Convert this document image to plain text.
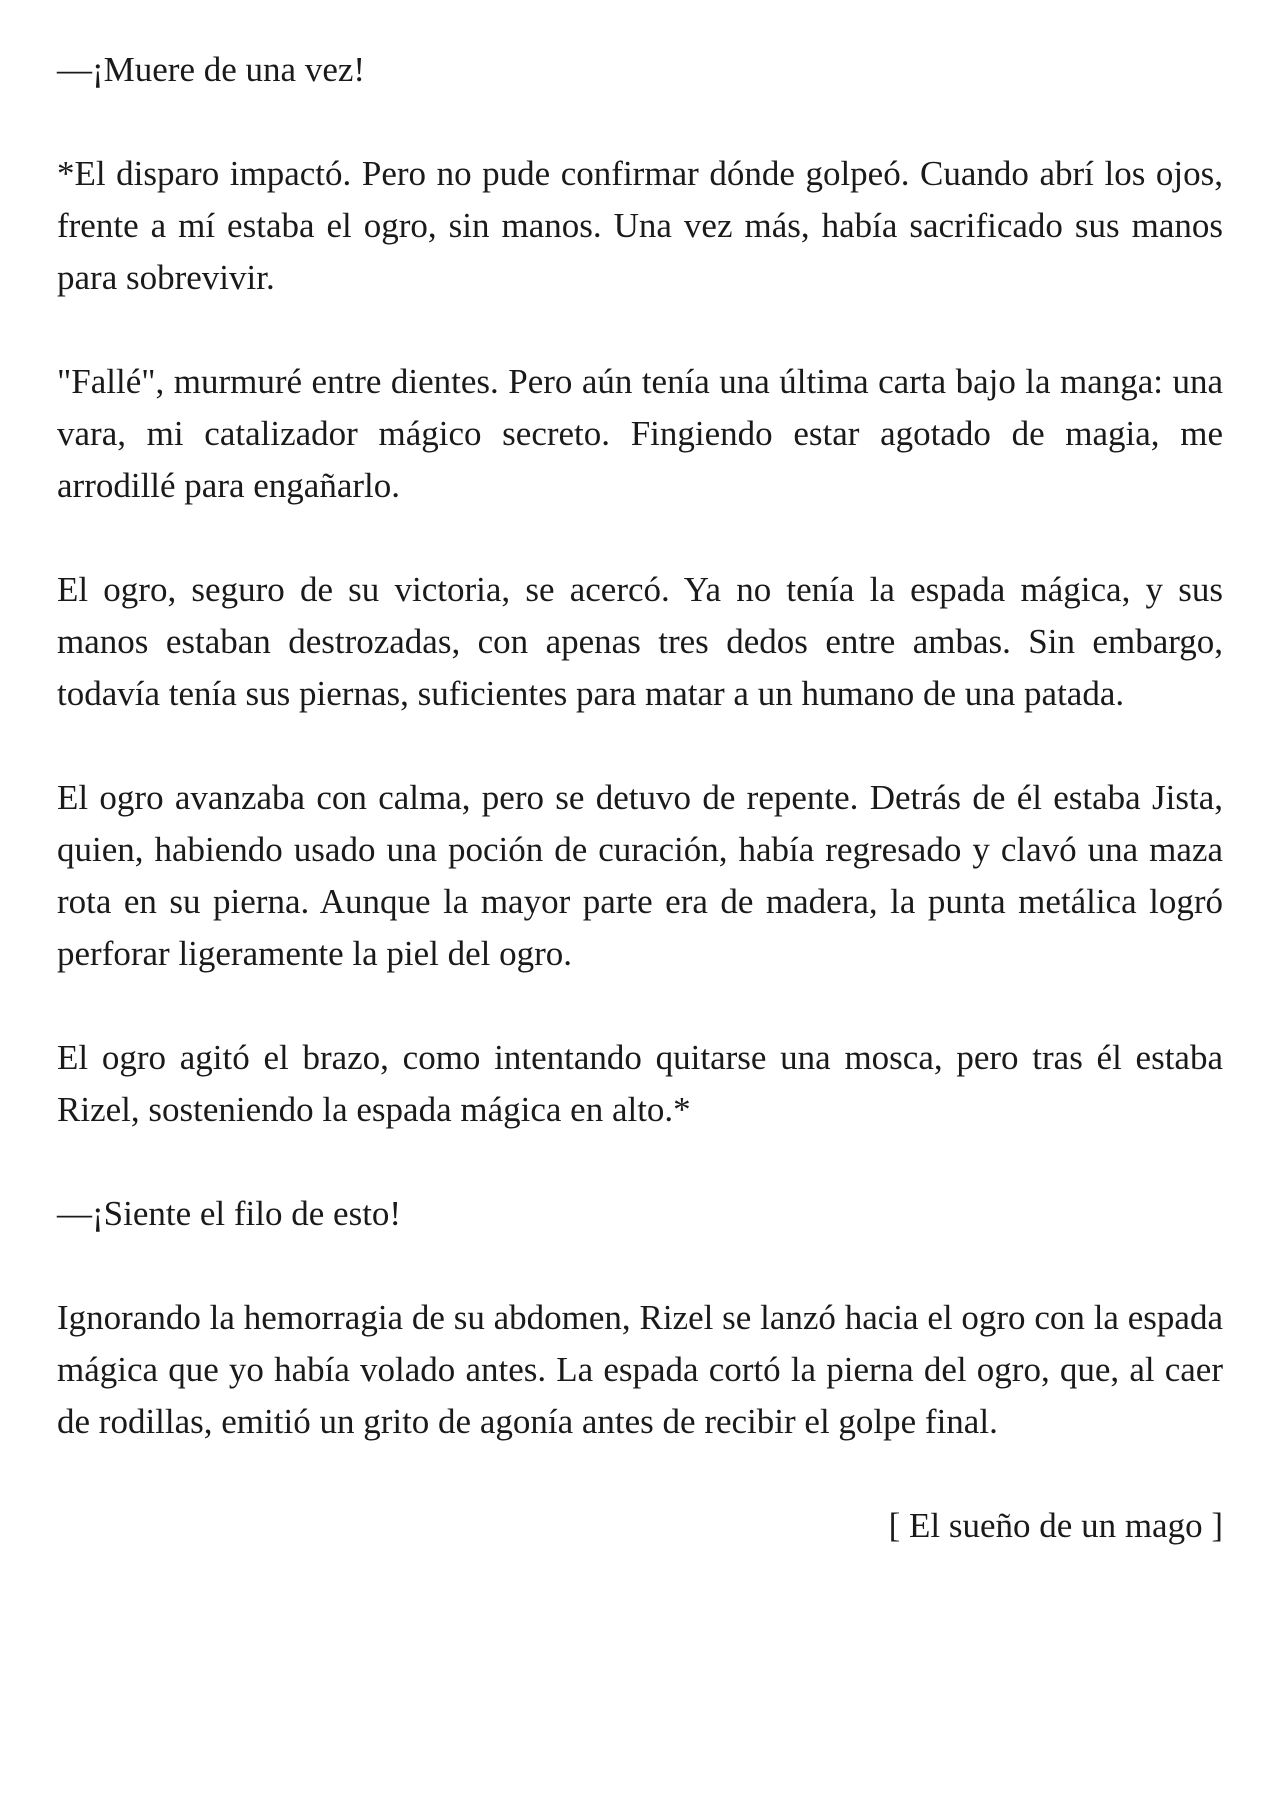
—¡Muere de una vez!

*El disparo impactó. Pero no pude confirmar dónde golpeó. Cuando abrí los ojos, frente a mí estaba el ogro, sin manos. Una vez más, había sacrificado sus manos para sobrevivir.

"Fallé", murmuré entre dientes. Pero aún tenía una última carta bajo la manga: una vara, mi catalizador mágico secreto. Fingiendo estar agotado de magia, me arrodillé para engañarlo.

El ogro, seguro de su victoria, se acercó. Ya no tenía la espada mágica, y sus manos estaban destrozadas, con apenas tres dedos entre ambas. Sin embargo, todavía tenía sus piernas, suficientes para matar a un humano de una patada.

El ogro avanzaba con calma, pero se detuvo de repente. Detrás de él estaba Jista, quien, habiendo usado una poción de curación, había regresado y clavó una maza rota en su pierna. Aunque la mayor parte era de madera, la punta metálica logró perforar ligeramente la piel del ogro.

El ogro agitó el brazo, como intentando quitarse una mosca, pero tras él estaba Rizel, sosteniendo la espada mágica en alto.*

—¡Siente el filo de esto!

Ignorando la hemorragia de su abdomen, Rizel se lanzó hacia el ogro con la espada mágica que yo había volado antes. La espada cortó la pierna del ogro, que, al caer de rodillas, emitió un grito de agonía antes de recibir el golpe final.

[ El sueño de un mago ]
